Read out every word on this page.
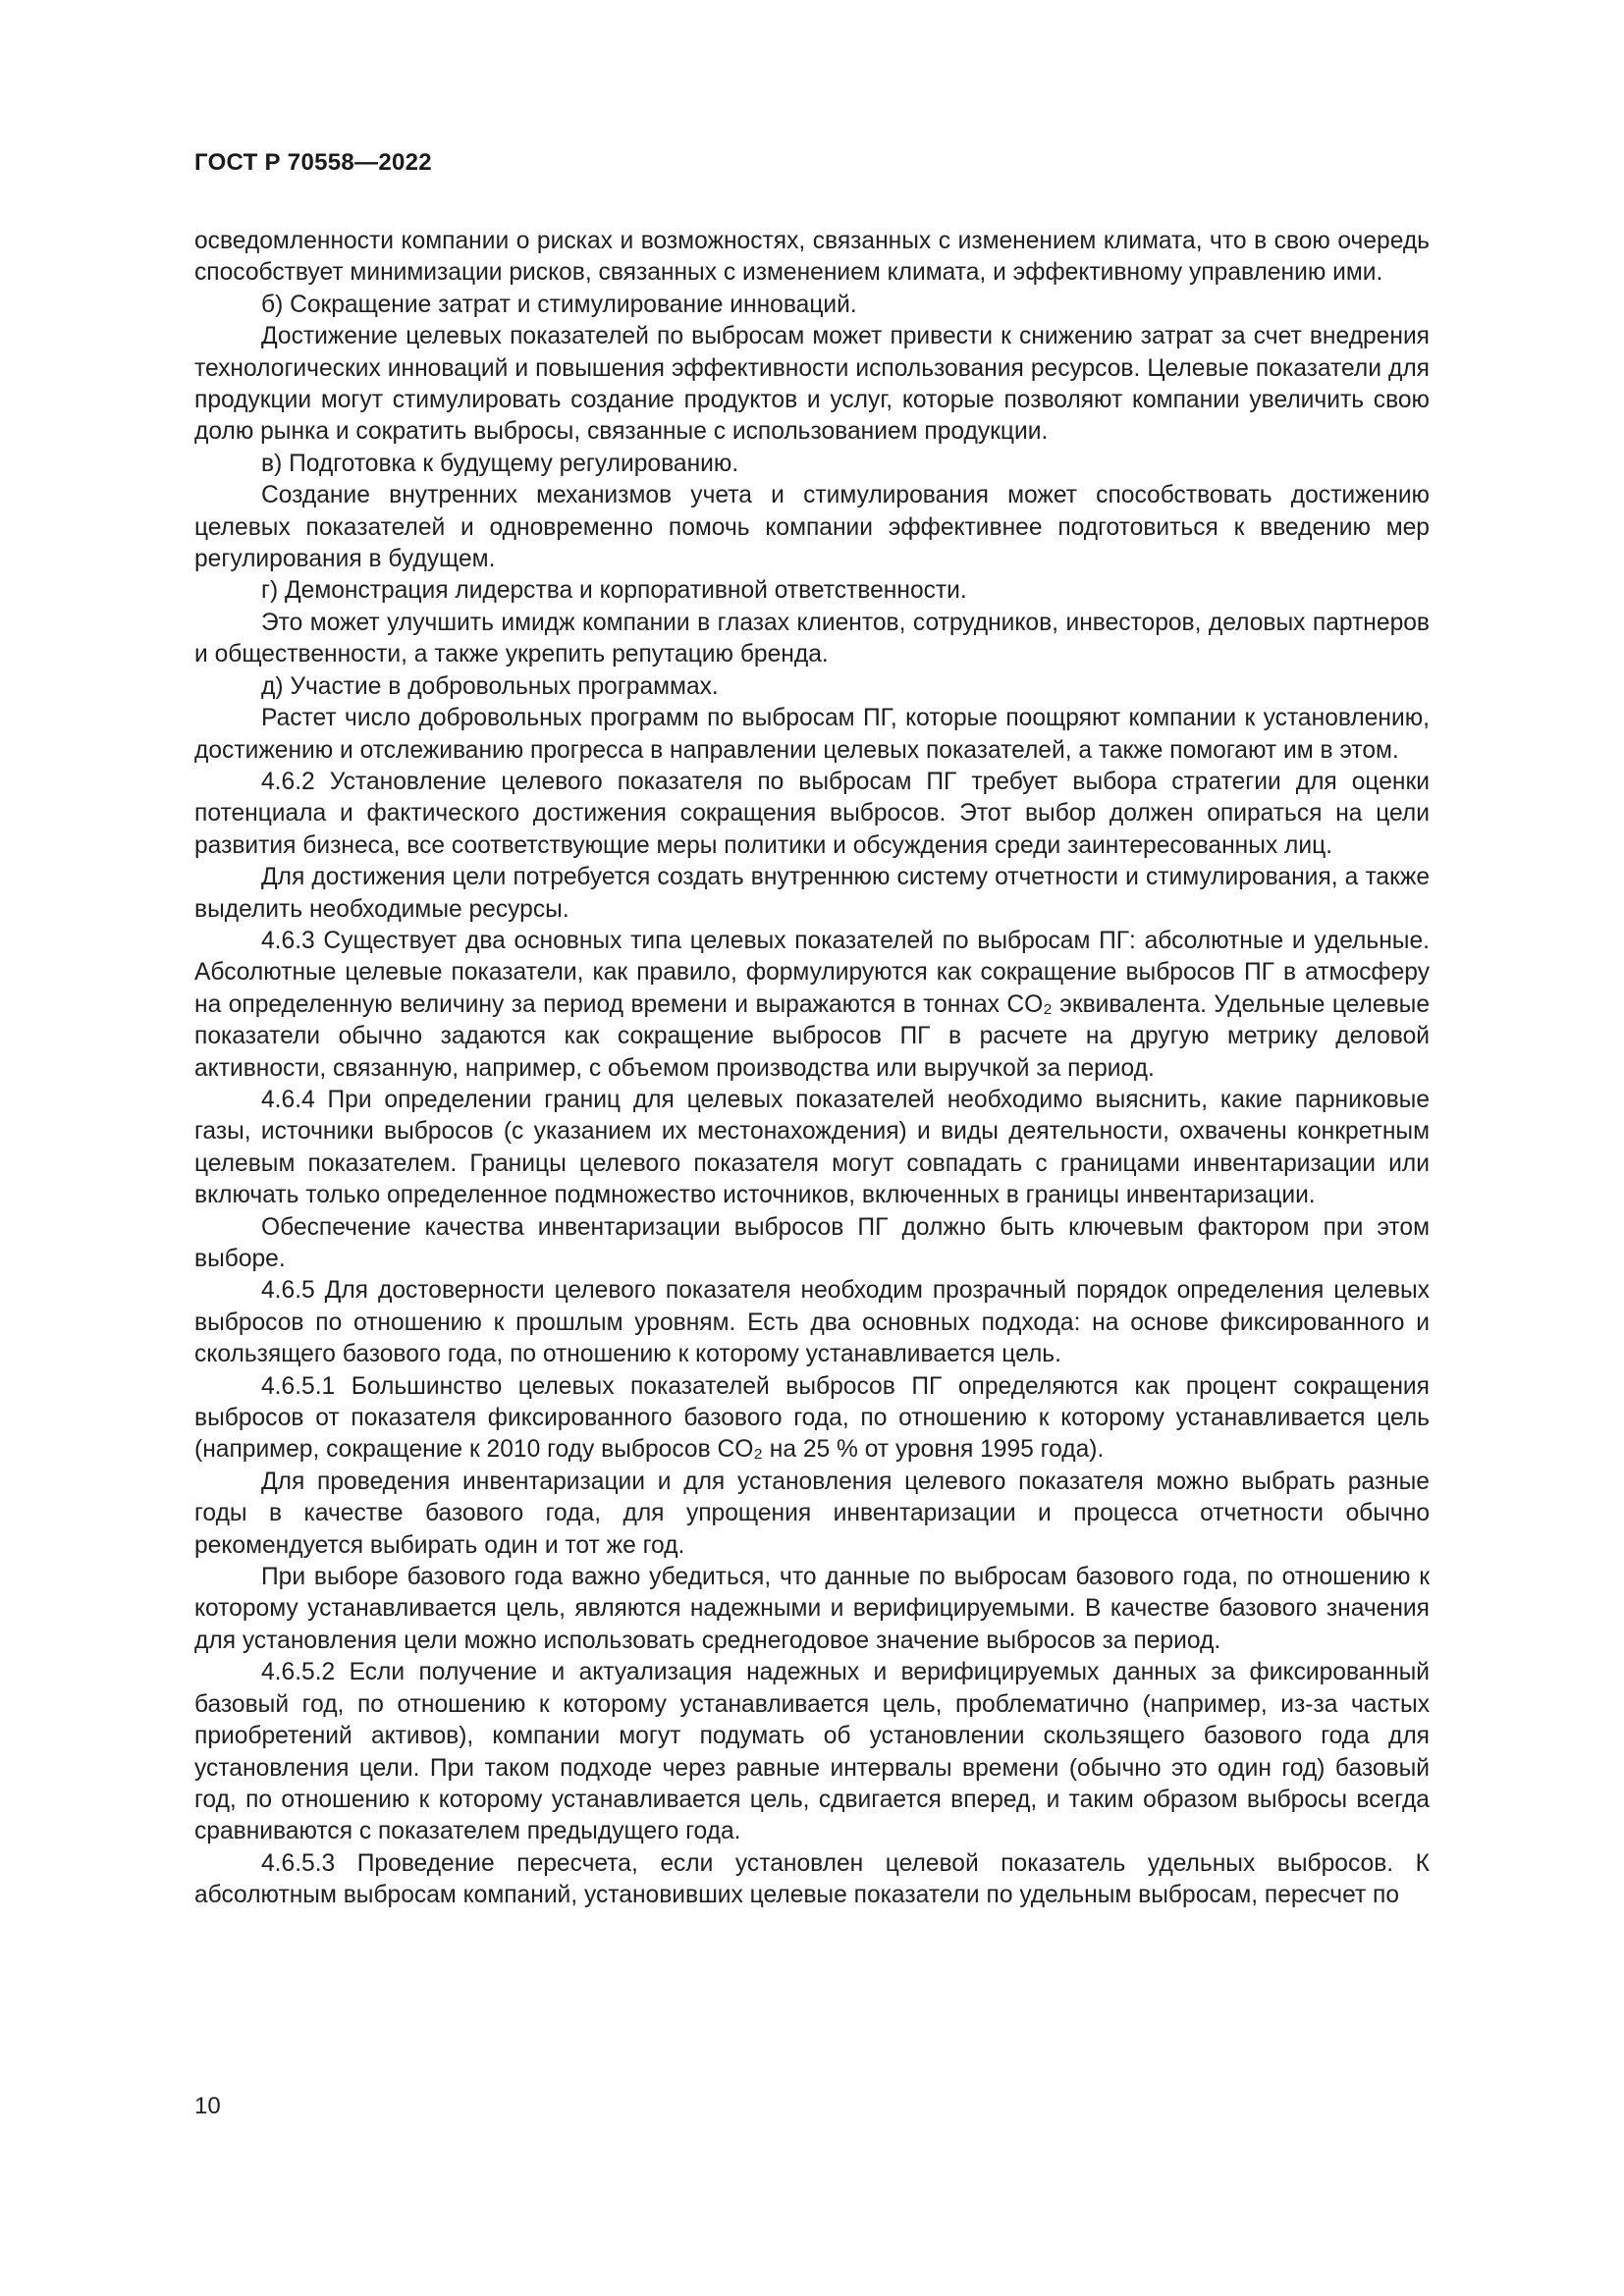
ГОСТ Р 70558—2022

осведомленности компании о рисках и возможностях, связанных с изменением климата, что в свою очередь способствует минимизации рисков, связанных с изменением климата, и эффективному управлению ими.

б) Сокращение затрат и стимулирование инноваций.

Достижение целевых показателей по выбросам может привести к снижению затрат за счет внедрения технологических инноваций и повышения эффективности использования ресурсов. Целевые показатели для продукции могут стимулировать создание продуктов и услуг, которые позволяют компании увеличить свою долю рынка и сократить выбросы, связанные с использованием продукции.

в) Подготовка к будущему регулированию.

Создание внутренних механизмов учета и стимулирования может способствовать достижению целевых показателей и одновременно помочь компании эффективнее подготовиться к введению мер регулирования в будущем.

г) Демонстрация лидерства и корпоративной ответственности.

Это может улучшить имидж компании в глазах клиентов, сотрудников, инвесторов, деловых партнеров и общественности, а также укрепить репутацию бренда.

д) Участие в добровольных программах.

Растет число добровольных программ по выбросам ПГ, которые поощряют компании к установлению, достижению и отслеживанию прогресса в направлении целевых показателей, а также помогают им в этом.

4.6.2 Установление целевого показателя по выбросам ПГ требует выбора стратегии для оценки потенциала и фактического достижения сокращения выбросов. Этот выбор должен опираться на цели развития бизнеса, все соответствующие меры политики и обсуждения среди заинтересованных лиц.

Для достижения цели потребуется создать внутреннюю систему отчетности и стимулирования, а также выделить необходимые ресурсы.

4.6.3 Существует два основных типа целевых показателей по выбросам ПГ: абсолютные и удельные. Абсолютные целевые показатели, как правило, формулируются как сокращение выбросов ПГ в атмосферу на определенную величину за период времени и выражаются в тоннах CO₂ эквивалента. Удельные целевые показатели обычно задаются как сокращение выбросов ПГ в расчете на другую метрику деловой активности, связанную, например, с объемом производства или выручкой за период.

4.6.4 При определении границ для целевых показателей необходимо выяснить, какие парниковые газы, источники выбросов (с указанием их местонахождения) и виды деятельности, охвачены конкретным целевым показателем. Границы целевого показателя могут совпадать с границами инвентаризации или включать только определенное подмножество источников, включенных в границы инвентаризации.

Обеспечение качества инвентаризации выбросов ПГ должно быть ключевым фактором при этом выборе.

4.6.5 Для достоверности целевого показателя необходим прозрачный порядок определения целевых выбросов по отношению к прошлым уровням. Есть два основных подхода: на основе фиксированного и скользящего базового года, по отношению к которому устанавливается цель.

4.6.5.1 Большинство целевых показателей выбросов ПГ определяются как процент сокращения выбросов от показателя фиксированного базового года, по отношению к которому устанавливается цель (например, сокращение к 2010 году выбросов CO₂ на 25 % от уровня 1995 года).

Для проведения инвентаризации и для установления целевого показателя можно выбрать разные годы в качестве базового года, для упрощения инвентаризации и процесса отчетности обычно рекомендуется выбирать один и тот же год.

При выборе базового года важно убедиться, что данные по выбросам базового года, по отношению к которому устанавливается цель, являются надежными и верифицируемыми. В качестве базового значения для установления цели можно использовать среднегодовое значение выбросов за период.

4.6.5.2 Если получение и актуализация надежных и верифицируемых данных за фиксированный базовый год, по отношению к которому устанавливается цель, проблематично (например, из-за частых приобретений активов), компании могут подумать об установлении скользящего базового года для установления цели. При таком подходе через равные интервалы времени (обычно это один год) базовый год, по отношению к которому устанавливается цель, сдвигается вперед, и таким образом выбросы всегда сравниваются с показателем предыдущего года.

4.6.5.3 Проведение пересчета, если установлен целевой показатель удельных выбросов. К абсолютным выбросам компаний, установивших целевые показатели по удельным выбросам, пересчет по

10
